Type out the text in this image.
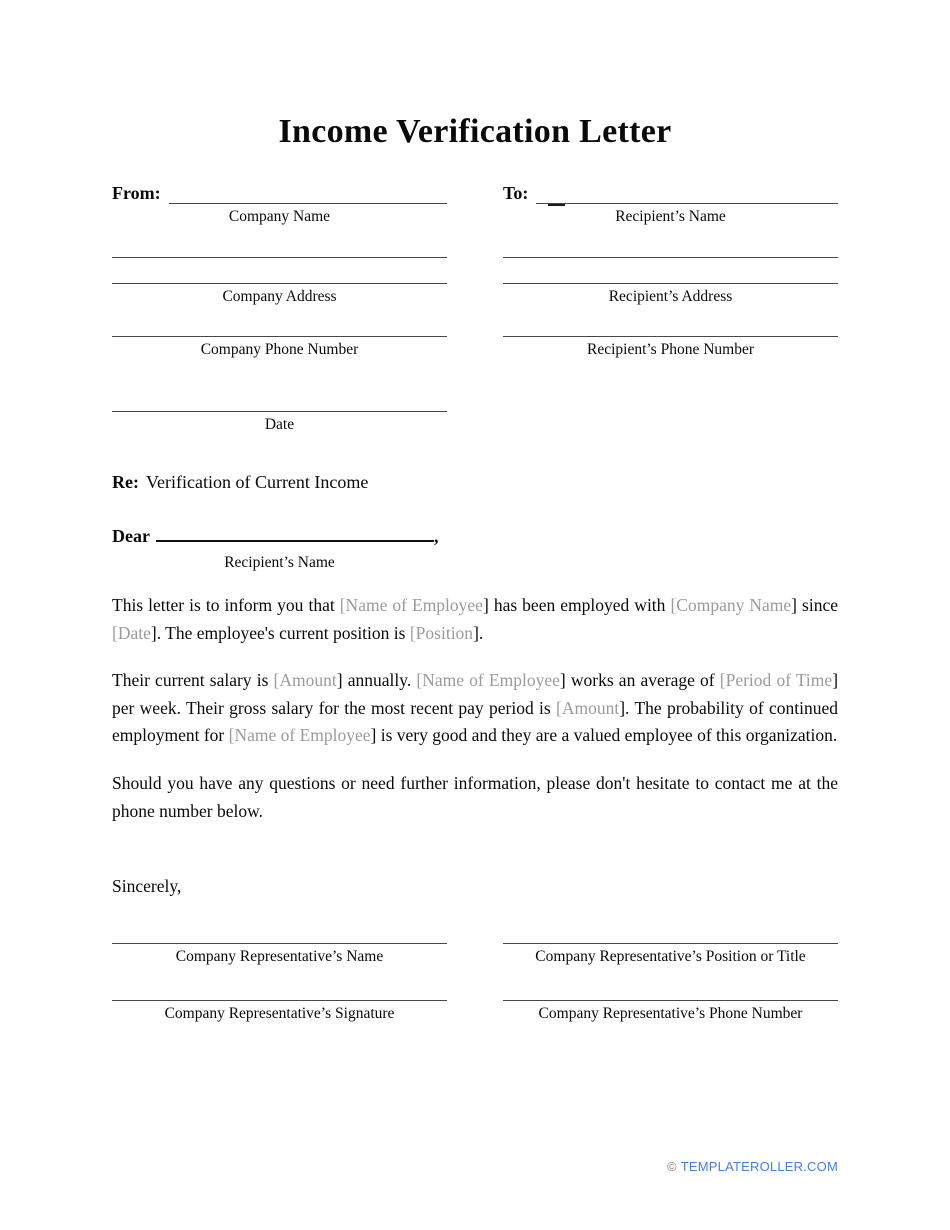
Income Verification Letter
From:
Company Name
Company Address
Company Phone Number
Date
To:
Recipient’s Name
Recipient’s Address
Recipient’s Phone Number
Re: Verification of Current Income
Dear	,
Recipient’s Name

This letter is to inform you that [Name of Employee] has been employed with [Company Name] since [Date]. The employee's current position is [Position].

Their current salary is [Amount] annually. [Name of Employee] works an average of [Period of Time] per week. Their gross salary for the most recent pay period is [Amount]. The probability of continued employment for [Name of Employee] is very good and they are a valued employee of this organization.

Should you have any questions or need further information, please don't hesitate to contact me at the phone number below.

Sincerely,
Company Representative’s Name	Company Representative’s Position or Title
Company Representative’s Signature	Company Representative’s Phone Number
© TEMPLATEROLLER.COM
